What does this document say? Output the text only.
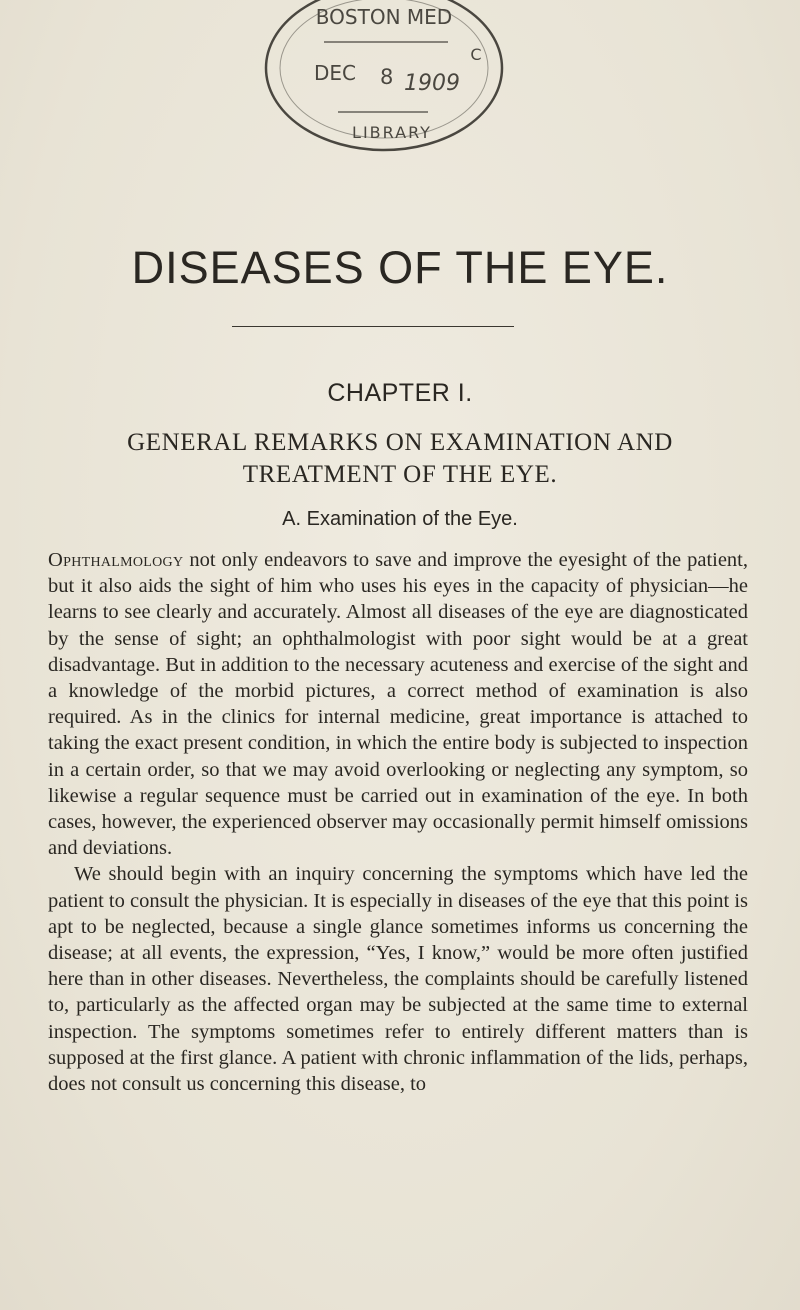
BOSTON MED
C
DEC 8 1909
LIBRARY
DISEASES OF THE EYE.
CHAPTER I.
GENERAL REMARKS ON EXAMINATION AND
TREATMENT OF THE EYE.
A. Examination of the Eye.

Ophthalmology not only endeavors to save and improve the eyesight of the patient, but it also aids the sight of him who uses his eyes in the capacity of physician—he learns to see clearly and accurately. Almost all diseases of the eye are diagnosticated by the sense of sight; an ophthalmologist with poor sight would be at a great disadvantage. But in addition to the necessary acuteness and exercise of the sight and a knowledge of the morbid pictures, a correct method of examination is also required. As in the clinics for internal medicine, great importance is attached to taking the exact present condition, in which the entire body is subjected to inspection in a certain order, so that we may avoid overlooking or neglecting any symptom, so likewise a regular sequence must be carried out in examination of the eye. In both cases, however, the experienced observer may occasionally permit himself omissions and deviations.

We should begin with an inquiry concerning the symptoms which have led the patient to consult the physician. It is especially in diseases of the eye that this point is apt to be neglected, because a single glance sometimes informs us concerning the disease; at all events, the expression, “Yes, I know,” would be more often justified here than in other diseases. Nevertheless, the complaints should be carefully listened to, particularly as the affected organ may be subjected at the same time to external inspection. The symptoms sometimes refer to entirely different matters than is supposed at the first glance. A patient with chronic inflammation of the lids, perhaps, does not consult us concerning this disease, to
